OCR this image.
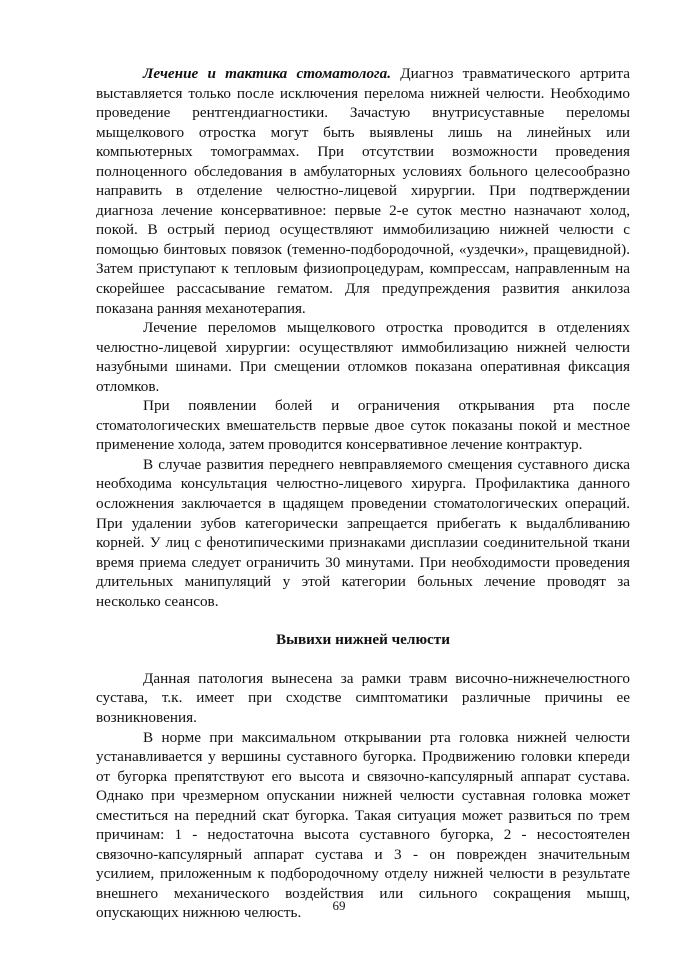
Лечение и тактика стоматолога. Диагноз травматического артрита выставляется только после исключения перелома нижней челюсти. Необходимо проведение рентгендиагностики. Зачастую внутрисуставные переломы мыщелкового отростка могут быть выявлены лишь на линейных или компьютерных томограммах. При отсутствии возможности проведения полноценного обследования в амбулаторных условиях больного целесообразно направить в отделение челюстно-лицевой хирургии. При подтверждении диагноза лечение консервативное: первые 2-е суток местно назначают холод, покой. В острый период осуществляют иммобилизацию нижней челюсти с помощью бинтовых повязок (теменно-подбородочной, «уздечки», пращевидной). Затем приступают к тепловым физиопроцедурам, компрессам, направленным на скорейшее рассасывание гематом. Для предупреждения развития анкилоза показана ранняя механотерапия.

Лечение переломов мыщелкового отростка проводится в отделениях челюстно-лицевой хирургии: осуществляют иммобилизацию нижней челюсти назубными шинами. При смещении отломков показана оперативная фиксация отломков.

При появлении болей и ограничения открывания рта после стоматологических вмешательств первые двое суток показаны покой и местное применение холода, затем проводится консервативное лечение контрактур.

В случае развития переднего невправляемого смещения суставного диска необходима консультация челюстно-лицевого хирурга. Профилактика данного осложнения заключается в щадящем проведении стоматологических операций. При удалении зубов категорически запрещается прибегать к выдалбливанию корней. У лиц с фенотипическими признаками дисплазии соединительной ткани время приема следует ограничить 30 минутами. При необходимости проведения длительных манипуляций у этой категории больных лечение проводят за несколько сеансов.

Вывихи нижней челюсти

Данная патология вынесена за рамки травм височно-нижнечелюстного сустава, т.к. имеет при сходстве симптоматики различные причины ее возникновения.

В норме при максимальном открывании рта головка нижней челюсти устанавливается у вершины суставного бугорка. Продвижению головки кпереди от бугорка препятствуют его высота и связочно-капсулярный аппарат сустава. Однако при чрезмерном опускании нижней челюсти суставная головка может сместиться на передний скат бугорка. Такая ситуация может развиться по трем причинам: 1 - недостаточна высота суставного бугорка, 2 - несостоятелен связочно-капсулярный аппарат сустава и 3 - он поврежден значительным усилием, приложенным к подбородочному отделу нижней челюсти в результате внешнего механического воздействия или сильного сокращения мышц, опускающих нижнюю челюсть.	69
